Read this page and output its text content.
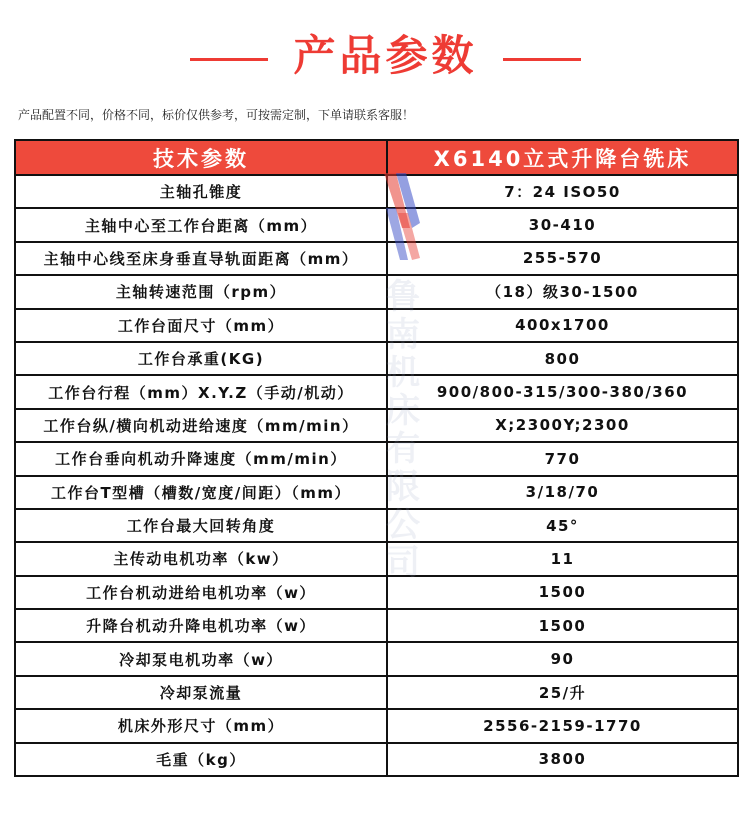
产品参数
产品配置不同，价格不同，标价仅供参考，可按需定制，下单请联系客服！
技术参数	X6140立式升降台铣床
主轴孔锥度	7：24 ISO50
主轴中心至工作台距离（mm）	30-410
主轴中心线至床身垂直导轨面距离（mm）	255-570
主轴转速范围（rpm）	（18）级30-1500
工作台面尺寸（mm）	400x1700
工作台承重(KG)	800
工作台行程（mm）X.Y.Z（手动/机动）	900/800-315/300-380/360
工作台纵/横向机动进给速度（mm/min）	X;2300Y;2300
工作台垂向机动升降速度（mm/min）	770
工作台T型槽（槽数/宽度/间距）（mm）	3/18/70
工作台最大回转角度	45°
主传动电机功率（kw）	11
工作台机动进给电机功率（w）	1500
升降台机动升降电机功率（w）	1500
冷却泵电机功率（w）	90
冷却泵流量	25/升
机床外形尺寸（mm）	2556-2159-1770
毛重（kg）	3800
鲁南机床有限公司
